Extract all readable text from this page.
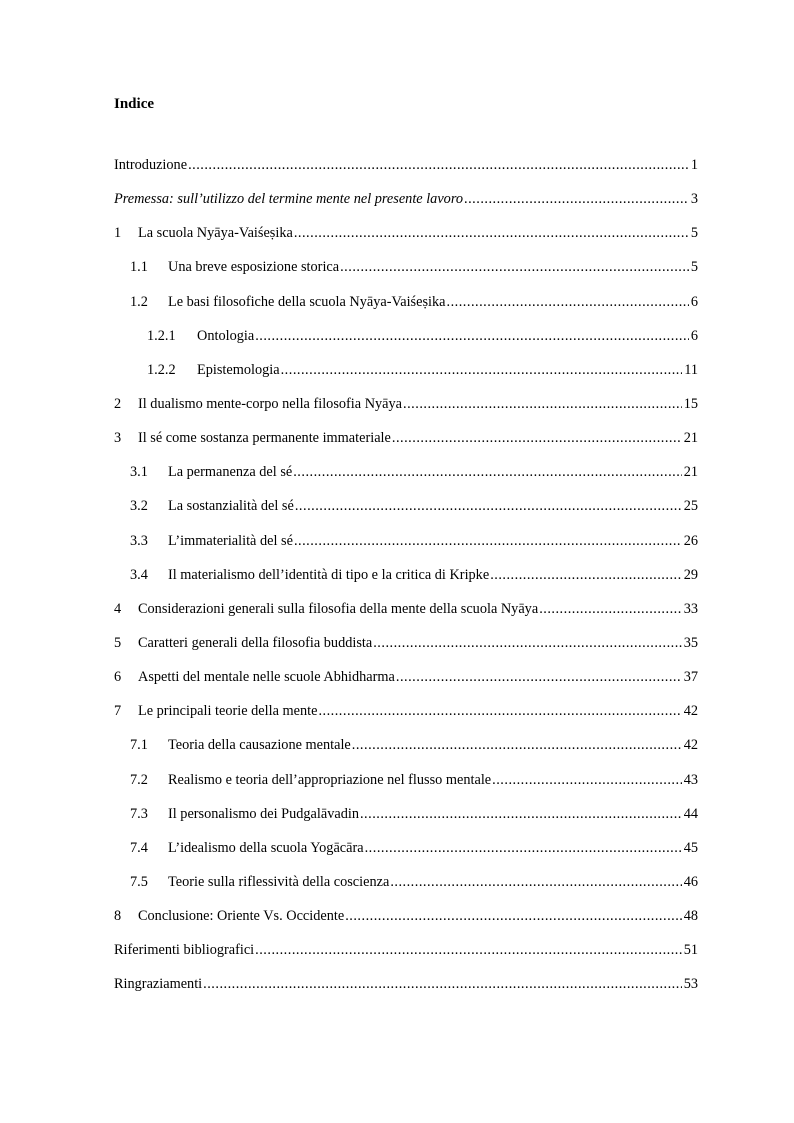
Indice
Introduzione .....	1
Premessa: sull’utilizzo del termine mente nel presente lavoro .....	3
1	La scuola Nyāya-Vaiśeṣika .....	5
1.1	Una breve esposizione storica .....	5
1.2	Le basi filosofiche della scuola Nyāya-Vaiśeṣika .....	6
1.2.1	Ontologia .....	6
1.2.2	Epistemologia .....	11
2	Il dualismo mente-corpo nella filosofia Nyāya .....	15
3	Il sé come sostanza permanente immateriale .....	21
3.1	La permanenza del sé .....	21
3.2	La sostanzialità del sé .....	25
3.3	L’immaterialità del sé .....	26
3.4	Il materialismo dell’identità di tipo e la critica di Kripke .....	29
4	Considerazioni generali sulla filosofia della mente della scuola Nyāya .....	33
5	Caratteri generali della filosofia buddista .....	35
6	Aspetti del mentale nelle scuole Abhidharma .....	37
7	Le principali teorie della mente .....	42
7.1	Teoria della causazione mentale .....	42
7.2	Realismo e teoria dell’appropriazione nel flusso mentale .....	43
7.3	Il personalismo dei Pudgalāvadin .....	44
7.4	L’idealismo della scuola Yogācāra .....	45
7.5	Teorie sulla riflessività della coscienza .....	46
8	Conclusione: Oriente Vs. Occidente .....	48
Riferimenti bibliografici .....	51
Ringraziamenti .....	53
